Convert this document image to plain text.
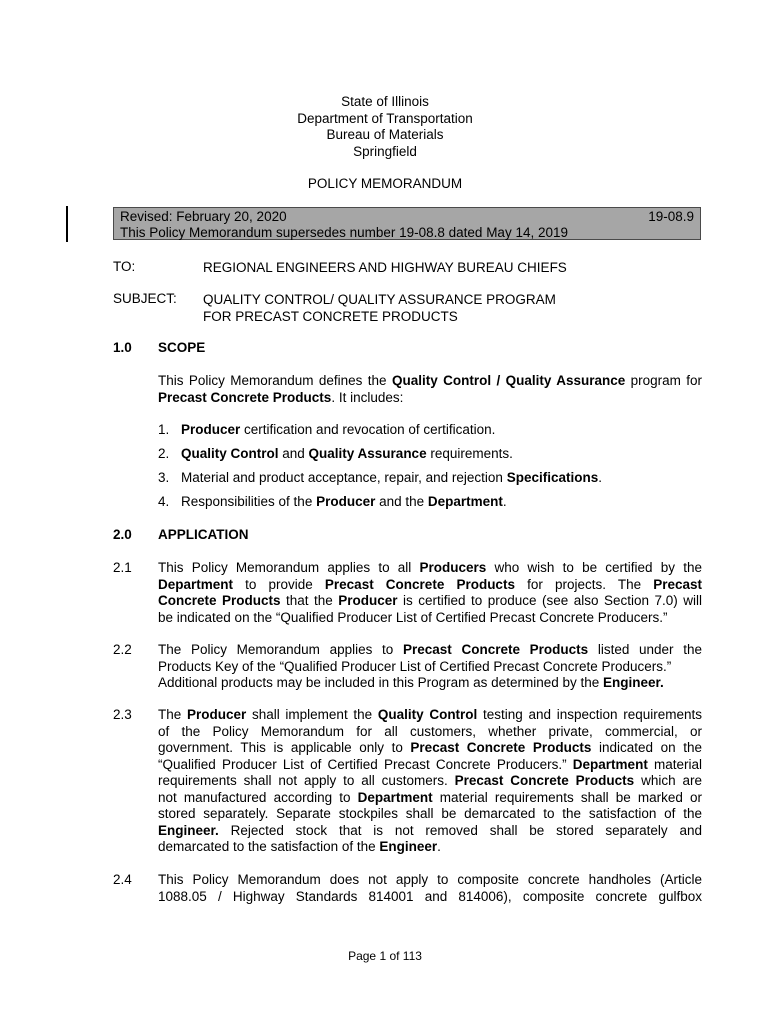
State of Illinois
Department of Transportation
Bureau of Materials
Springfield
POLICY MEMORANDUM
Revised: February 20, 2020	19-08.9
This Policy Memorandum supersedes number 19-08.8 dated May 14, 2019
TO:	REGIONAL ENGINEERS AND HIGHWAY BUREAU CHIEFS
SUBJECT: QUALITY CONTROL/ QUALITY ASSURANCE PROGRAM
FOR PRECAST CONCRETE PRODUCTS
1.0 SCOPE
This Policy Memorandum defines the Quality Control / Quality Assurance program for
Precast Concrete Products. It includes:
1. Producer certification and revocation of certification.
2. Quality Control and Quality Assurance requirements.
3. Material and product acceptance, repair, and rejection Specifications.
4. Responsibilities of the Producer and the Department.
2.0 APPLICATION
2.1 This Policy Memorandum applies to all Producers who wish to be certified by the
Department to provide Precast Concrete Products for projects. The Precast
Concrete Products that the Producer is certified to produce (see also Section 7.0) will
be indicated on the “Qualified Producer List of Certified Precast Concrete Producers.”
2.2 The Policy Memorandum applies to Precast Concrete Products listed under the
Products Key of the “Qualified Producer List of Certified Precast Concrete Producers.”
Additional products may be included in this Program as determined by the Engineer.
2.3 The Producer shall implement the Quality Control testing and inspection requirements
of the Policy Memorandum for all customers, whether private, commercial, or
government. This is applicable only to Precast Concrete Products indicated on the
“Qualified Producer List of Certified Precast Concrete Producers.” Department material
requirements shall not apply to all customers. Precast Concrete Products which are
not manufactured according to Department material requirements shall be marked or
stored separately. Separate stockpiles shall be demarcated to the satisfaction of the
Engineer. Rejected stock that is not removed shall be stored separately and
demarcated to the satisfaction of the Engineer.
2.4 This Policy Memorandum does not apply to composite concrete handholes (Article
1088.05 / Highway Standards 814001 and 814006), composite concrete gulfbox
Page 1 of 113
